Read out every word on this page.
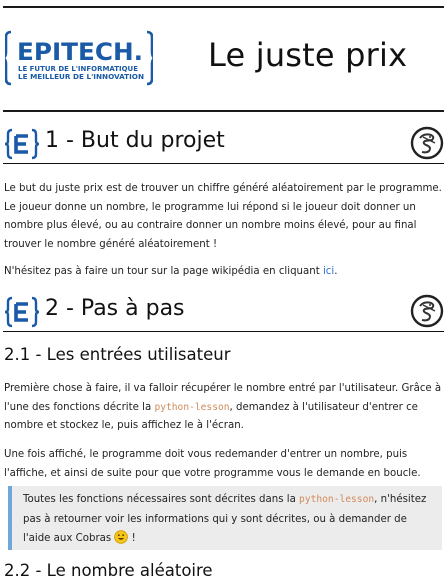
EPITECH.
LE FUTUR DE L'INFORMATIQUE
LE MEILLEUR DE L'INNOVATION
Le juste prix
1 - But du projet

Le but du juste prix est de trouver un chiffre généré aléatoirement par le programme. Le joueur donne un nombre, le programme lui répond si le joueur doit donner un nombre plus élevé, ou au contraire donner un nombre moins élevé, pour au final trouver le nombre généré aléatoirement !

N'hésitez pas à faire un tour sur la page wikipédia en cliquant ici.

2 - Pas à pas
2.1 - Les entrées utilisateur

Première chose à faire, il va falloir récupérer le nombre entré par l'utilisateur. Grâce à l'une des fonctions décrite la python-lesson, demandez à l'utilisateur d'entrer ce nombre et stockez le, puis affichez le à l'écran.

Une fois affiché, le programme doit vous redemander d'entrer un nombre, puis l'affiche, et ainsi de suite pour que votre programme vous le demande en boucle.

Toutes les fonctions nécessaires sont décrites dans la python-lesson, n'hésitez pas à retourner voir les informations qui y sont décrites, ou à demander de l'aide aux Cobras  !

2.2 - Le nombre aléatoire
